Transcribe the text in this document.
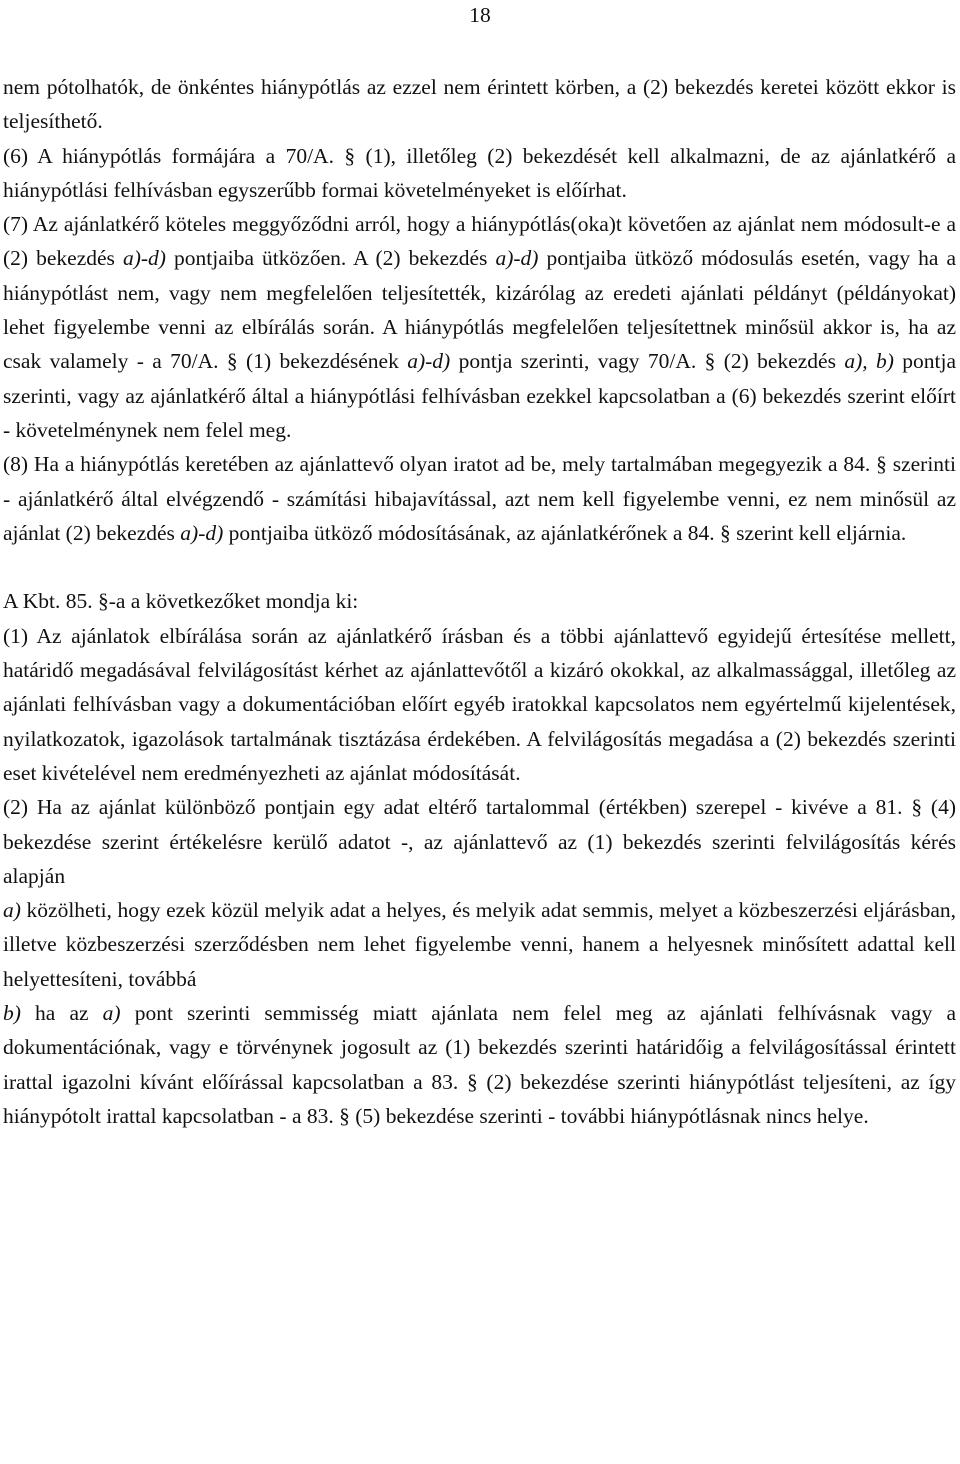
18
nem pótolhatók, de önkéntes hiánypótlás az ezzel nem érintett körben, a (2) bekezdés keretei között ekkor is teljesíthető.
(6) A hiánypótlás formájára a 70/A. § (1), illetőleg (2) bekezdését kell alkalmazni, de az ajánlatkérő a hiánypótlási felhívásban egyszerűbb formai követelményeket is előírhat.
(7) Az ajánlatkérő köteles meggyőződni arról, hogy a hiánypótlás(oka)t követően az ajánlat nem módosult-e a (2) bekezdés a)-d) pontjaiba ütközően. A (2) bekezdés a)-d) pontjaiba ütköző módosulás esetén, vagy ha a hiánypótlást nem, vagy nem megfelelően teljesítették, kizárólag az eredeti ajánlati példányt (példányokat) lehet figyelembe venni az elbírálás során. A hiánypótlás megfelelően teljesítettnek minősül akkor is, ha az csak valamely - a 70/A. § (1) bekezdésének a)-d) pontja szerinti, vagy 70/A. § (2) bekezdés a), b) pontja szerinti, vagy az ajánlatkérő által a hiánypótlási felhívásban ezekkel kapcsolatban a (6) bekezdés szerint előírt - követelménynek nem felel meg.
(8) Ha a hiánypótlás keretében az ajánlattevő olyan iratot ad be, mely tartalmában megegyezik a 84. § szerinti - ajánlatkérő által elvégzendő - számítási hibajavítással, azt nem kell figyelembe venni, ez nem minősül az ajánlat (2) bekezdés a)-d) pontjaiba ütköző módosításának, az ajánlatkérőnek a 84. § szerint kell eljárnia.
A Kbt. 85. §-a a következőket mondja ki:
(1) Az ajánlatok elbírálása során az ajánlatkérő írásban és a többi ajánlattevő egyidejű értesítése mellett, határidő megadásával felvilágosítást kérhet az ajánlattevőtől a kizáró okokkal, az alkalmassággal, illetőleg az ajánlati felhívásban vagy a dokumentációban előírt egyéb iratokkal kapcsolatos nem egyértelmű kijelentések, nyilatkozatok, igazolások tartalmának tisztázása érdekében. A felvilágosítás megadása a (2) bekezdés szerinti eset kivételével nem eredményezheti az ajánlat módosítását.
(2) Ha az ajánlat különböző pontjain egy adat eltérő tartalommal (értékben) szerepel - kivéve a 81. § (4) bekezdése szerint értékelésre kerülő adatot -, az ajánlattevő az (1) bekezdés szerinti felvilágosítás kérés alapján
a) közölheti, hogy ezek közül melyik adat a helyes, és melyik adat semmis, melyet a közbeszerzési eljárásban, illetve közbeszerzési szerződésben nem lehet figyelembe venni, hanem a helyesnek minősített adattal kell helyettesíteni, továbbá
b) ha az a) pont szerinti semmisség miatt ajánlata nem felel meg az ajánlati felhívásnak vagy a dokumentációnak, vagy e törvénynek jogosult az (1) bekezdés szerinti határidőig a felvilágosítással érintett irattal igazolni kívánt előírással kapcsolatban a 83. § (2) bekezdése szerinti hiánypótlást teljesíteni, az így hiánypótolt irattal kapcsolatban - a 83. § (5) bekezdése szerinti - további hiánypótlásnak nincs helye.
